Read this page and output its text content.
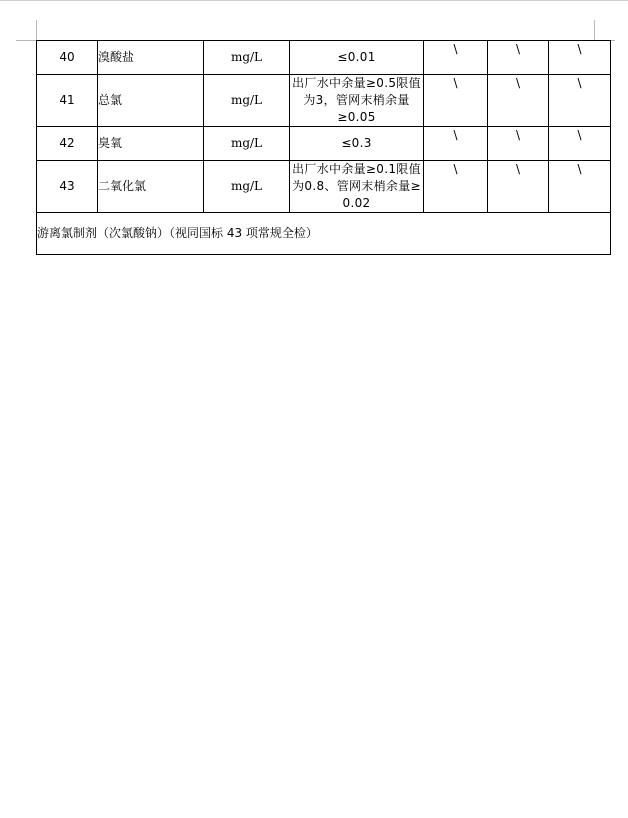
40	溴酸盐	mg/L	≤0.01	\	\	\
41	总氯	mg/L	出厂水中余量≥0.5限值
为3，管网末梢余量≥0.05	\	\	\
42	臭氧	mg/L	≤0.3	\	\	\
43	二氧化氯	mg/L	出厂水中余量≥0.1限值
为0.8、管网末梢余量≥
0.02	\	\	\
游离氯制剂（次氯酸钠）（视同国标 43 项常规全检）						
